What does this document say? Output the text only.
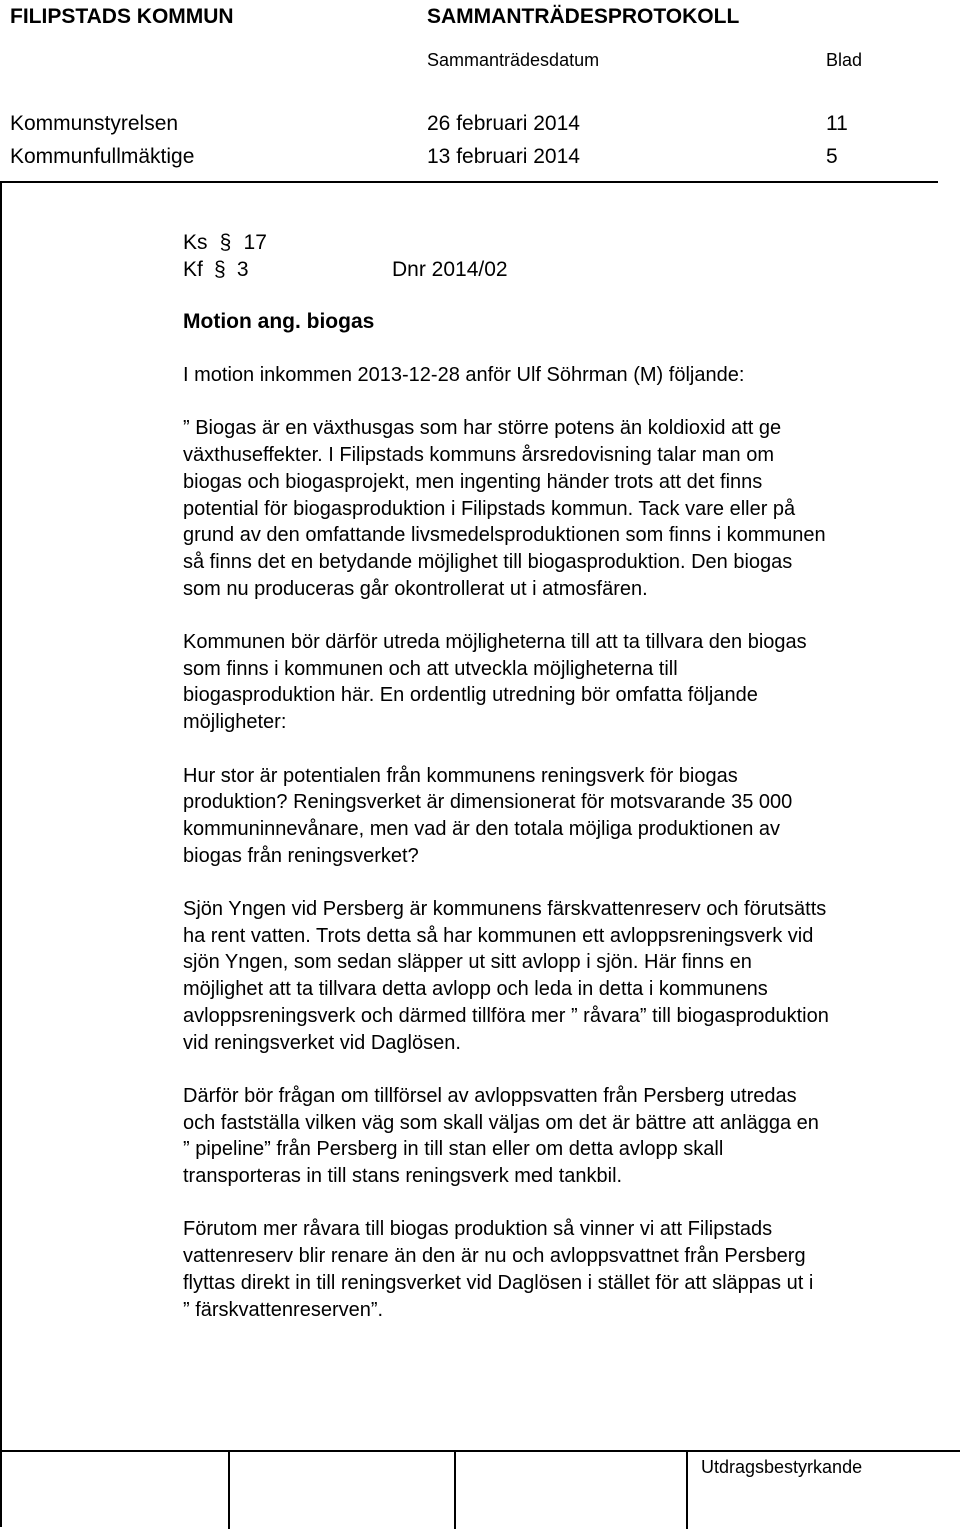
FILIPSTADS KOMMUN	SAMMANTRÄDESPROTOKOLL
Sammanträdesdatum	Blad
Kommunstyrelsen	26 februari 2014	11
Kommunfullmäktige	13 februari 2014	5
Ks § 17
Kf § 3	Dnr 2014/02
Motion ang. biogas

I motion inkommen 2013-12-28 anför Ulf Söhrman (M) följande:

” Biogas är en växthusgas som har större potens än koldioxid att ge
växthuseffekter. I Filipstads kommuns årsredovisning talar man om
biogas och biogasprojekt, men ingenting händer trots att det finns
potential för biogasproduktion i Filipstads kommun. Tack vare eller på
grund av den omfattande livsmedelsproduktionen som finns i kommunen
så finns det en betydande möjlighet till biogasproduktion. Den biogas
som nu produceras går okontrollerat ut i atmosfären.

Kommunen bör därför utreda möjligheterna till att ta tillvara den biogas
som finns i kommunen och att utveckla möjligheterna till
biogasproduktion här. En ordentlig utredning bör omfatta följande
möjligheter:

Hur stor är potentialen från kommunens reningsverk för biogas
produktion? Reningsverket är dimensionerat för motsvarande 35 000
kommuninnevånare, men vad är den totala möjliga produktionen av
biogas från reningsverket?

Sjön Yngen vid Persberg är kommunens färskvattenreserv och förutsätts
ha rent vatten. Trots detta så har kommunen ett avloppsreningsverk vid
sjön Yngen, som sedan släpper ut sitt avlopp i sjön. Här finns en
möjlighet att ta tillvara detta avlopp och leda in detta i kommunens
avloppsreningsverk och därmed tillföra mer ” råvara” till biogasproduktion
vid reningsverket vid Daglösen.

Därför bör frågan om tillförsel av avloppsvatten från Persberg utredas
och fastställa vilken väg som skall väljas om det är bättre att anlägga en
” pipeline” från Persberg in till stan eller om detta avlopp skall
transporteras in till stans reningsverk med tankbil.

Förutom mer råvara till biogas produktion så vinner vi att Filipstads
vattenreserv blir renare än den är nu och avloppsvattnet från Persberg
flyttas direkt in till reningsverket vid Daglösen i stället för att släppas ut i
” färskvattenreserven”.

Utdragsbestyrkande
